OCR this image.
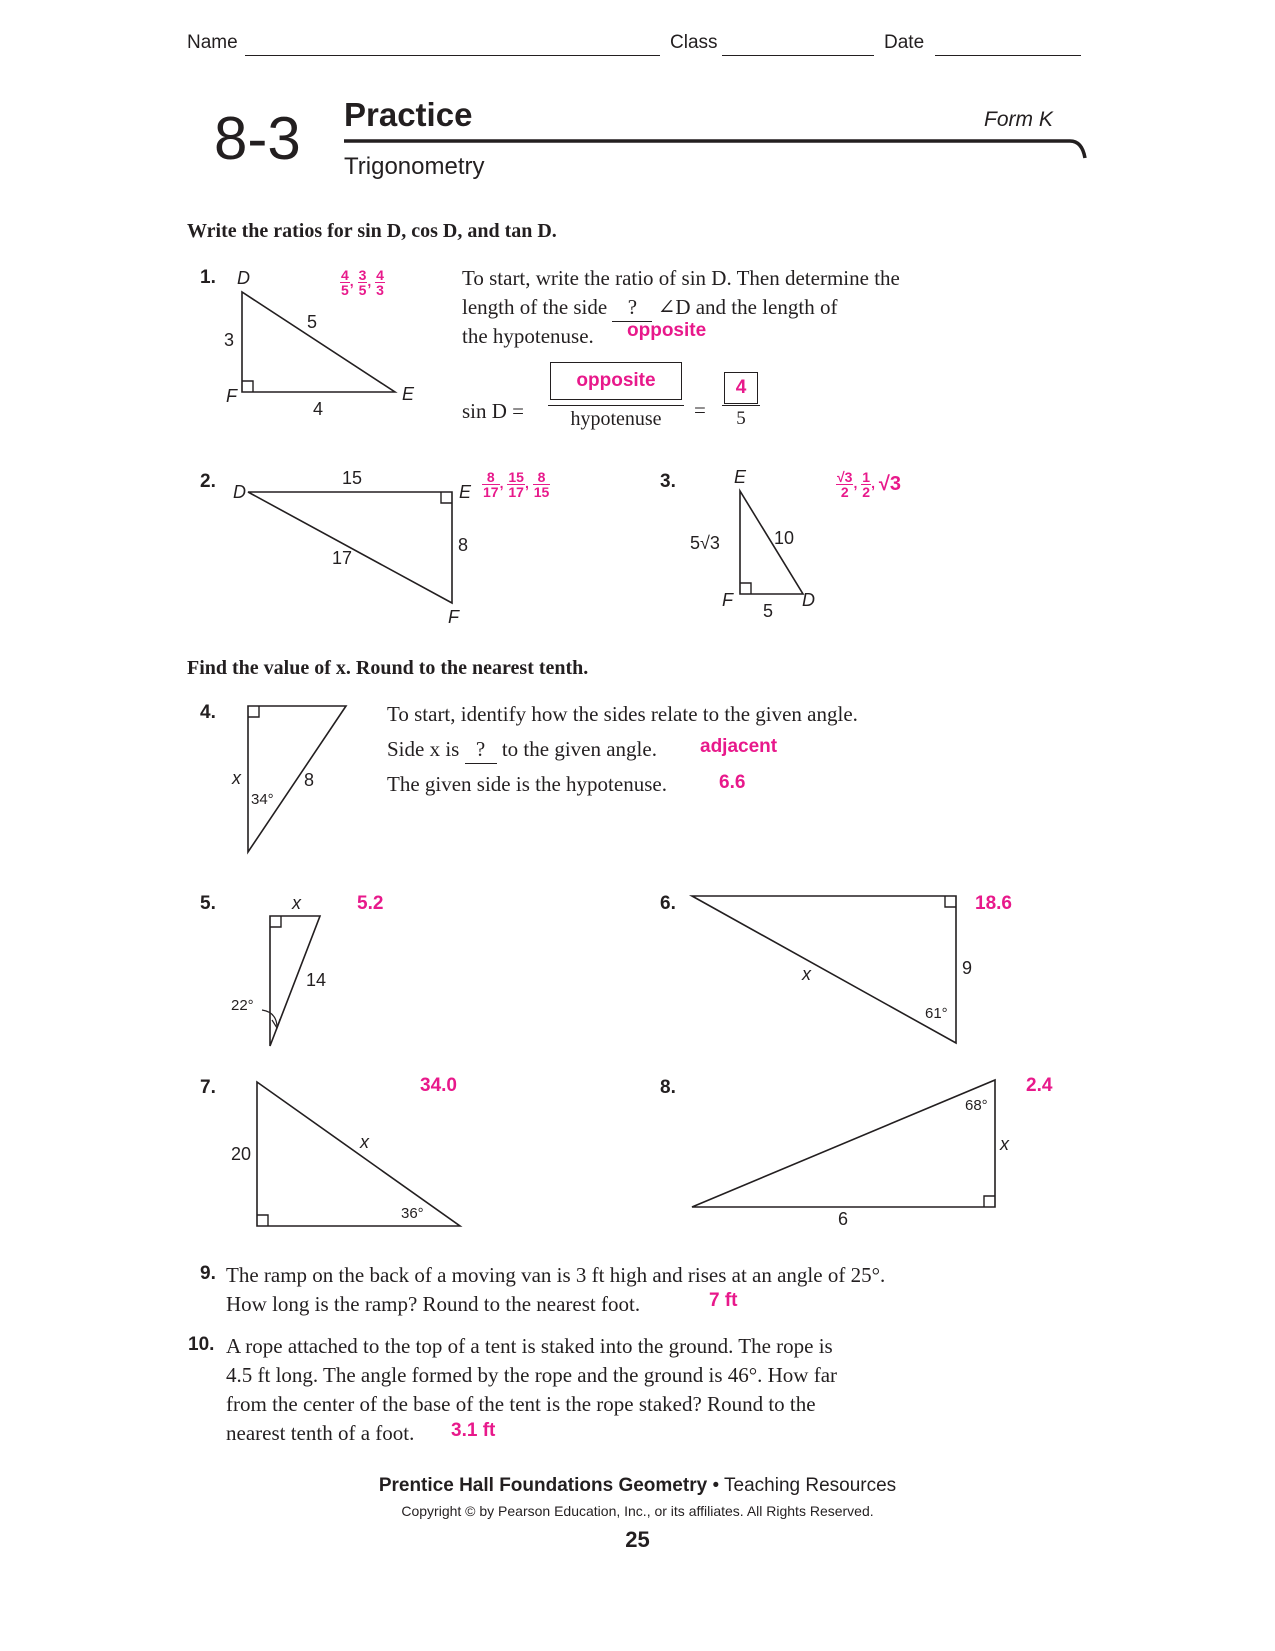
Name	Class	Date
8-3 Practice
Trigonometry
Form K
Write the ratios for sin D, cos D, and tan D.
1. D
F	E
3
4
5
$\frac{4}{5}$ , $\frac{3}{5}$ , $\frac{4}{3}$	To start, write the ratio of sin D. Then determine the
length of the side ? ∠D and the length of
the hypotenuse. opposite
sin D =
opposite
hypotenuse	=
4
5
2. D	E
F
15
17
8
$\frac{8}{17}$ , $\frac{15}{17}$ , $\frac{8}{15}$	3.	E
F	D
10
5
5√3
$\frac{√3}{2}$ , $\frac{1}{2}$ , √3
Find the value of x. Round to the nearest tenth.
4.
x	8
34°
To start, identify how the sides relate to the given angle.
Side x is ? to the given angle. adjacent
The given side is the hypotenuse.	6.6
5.	x
14
22°
5.2	6.
x	9
61°
18.6
7.
20
x
36°
34.0	8.
6
x
68°
2.4
9. The ramp on the back of a moving van is 3 ft high and rises at an angle of 25°.
How long is the ramp? Round to the nearest foot.	7 ft
10. A rope attached to the top of a tent is staked into the ground. The rope is
4.5 ft long. The angle formed by the rope and the ground is 46°. How far
from the center of the base of the tent is the rope staked? Round to the
nearest tenth of a foot. 3.1 ft
Prentice Hall Foundations Geometry • Teaching Resources
Copyright © by Pearson Education, Inc., or its affiliates. All Rights Reserved.
25
